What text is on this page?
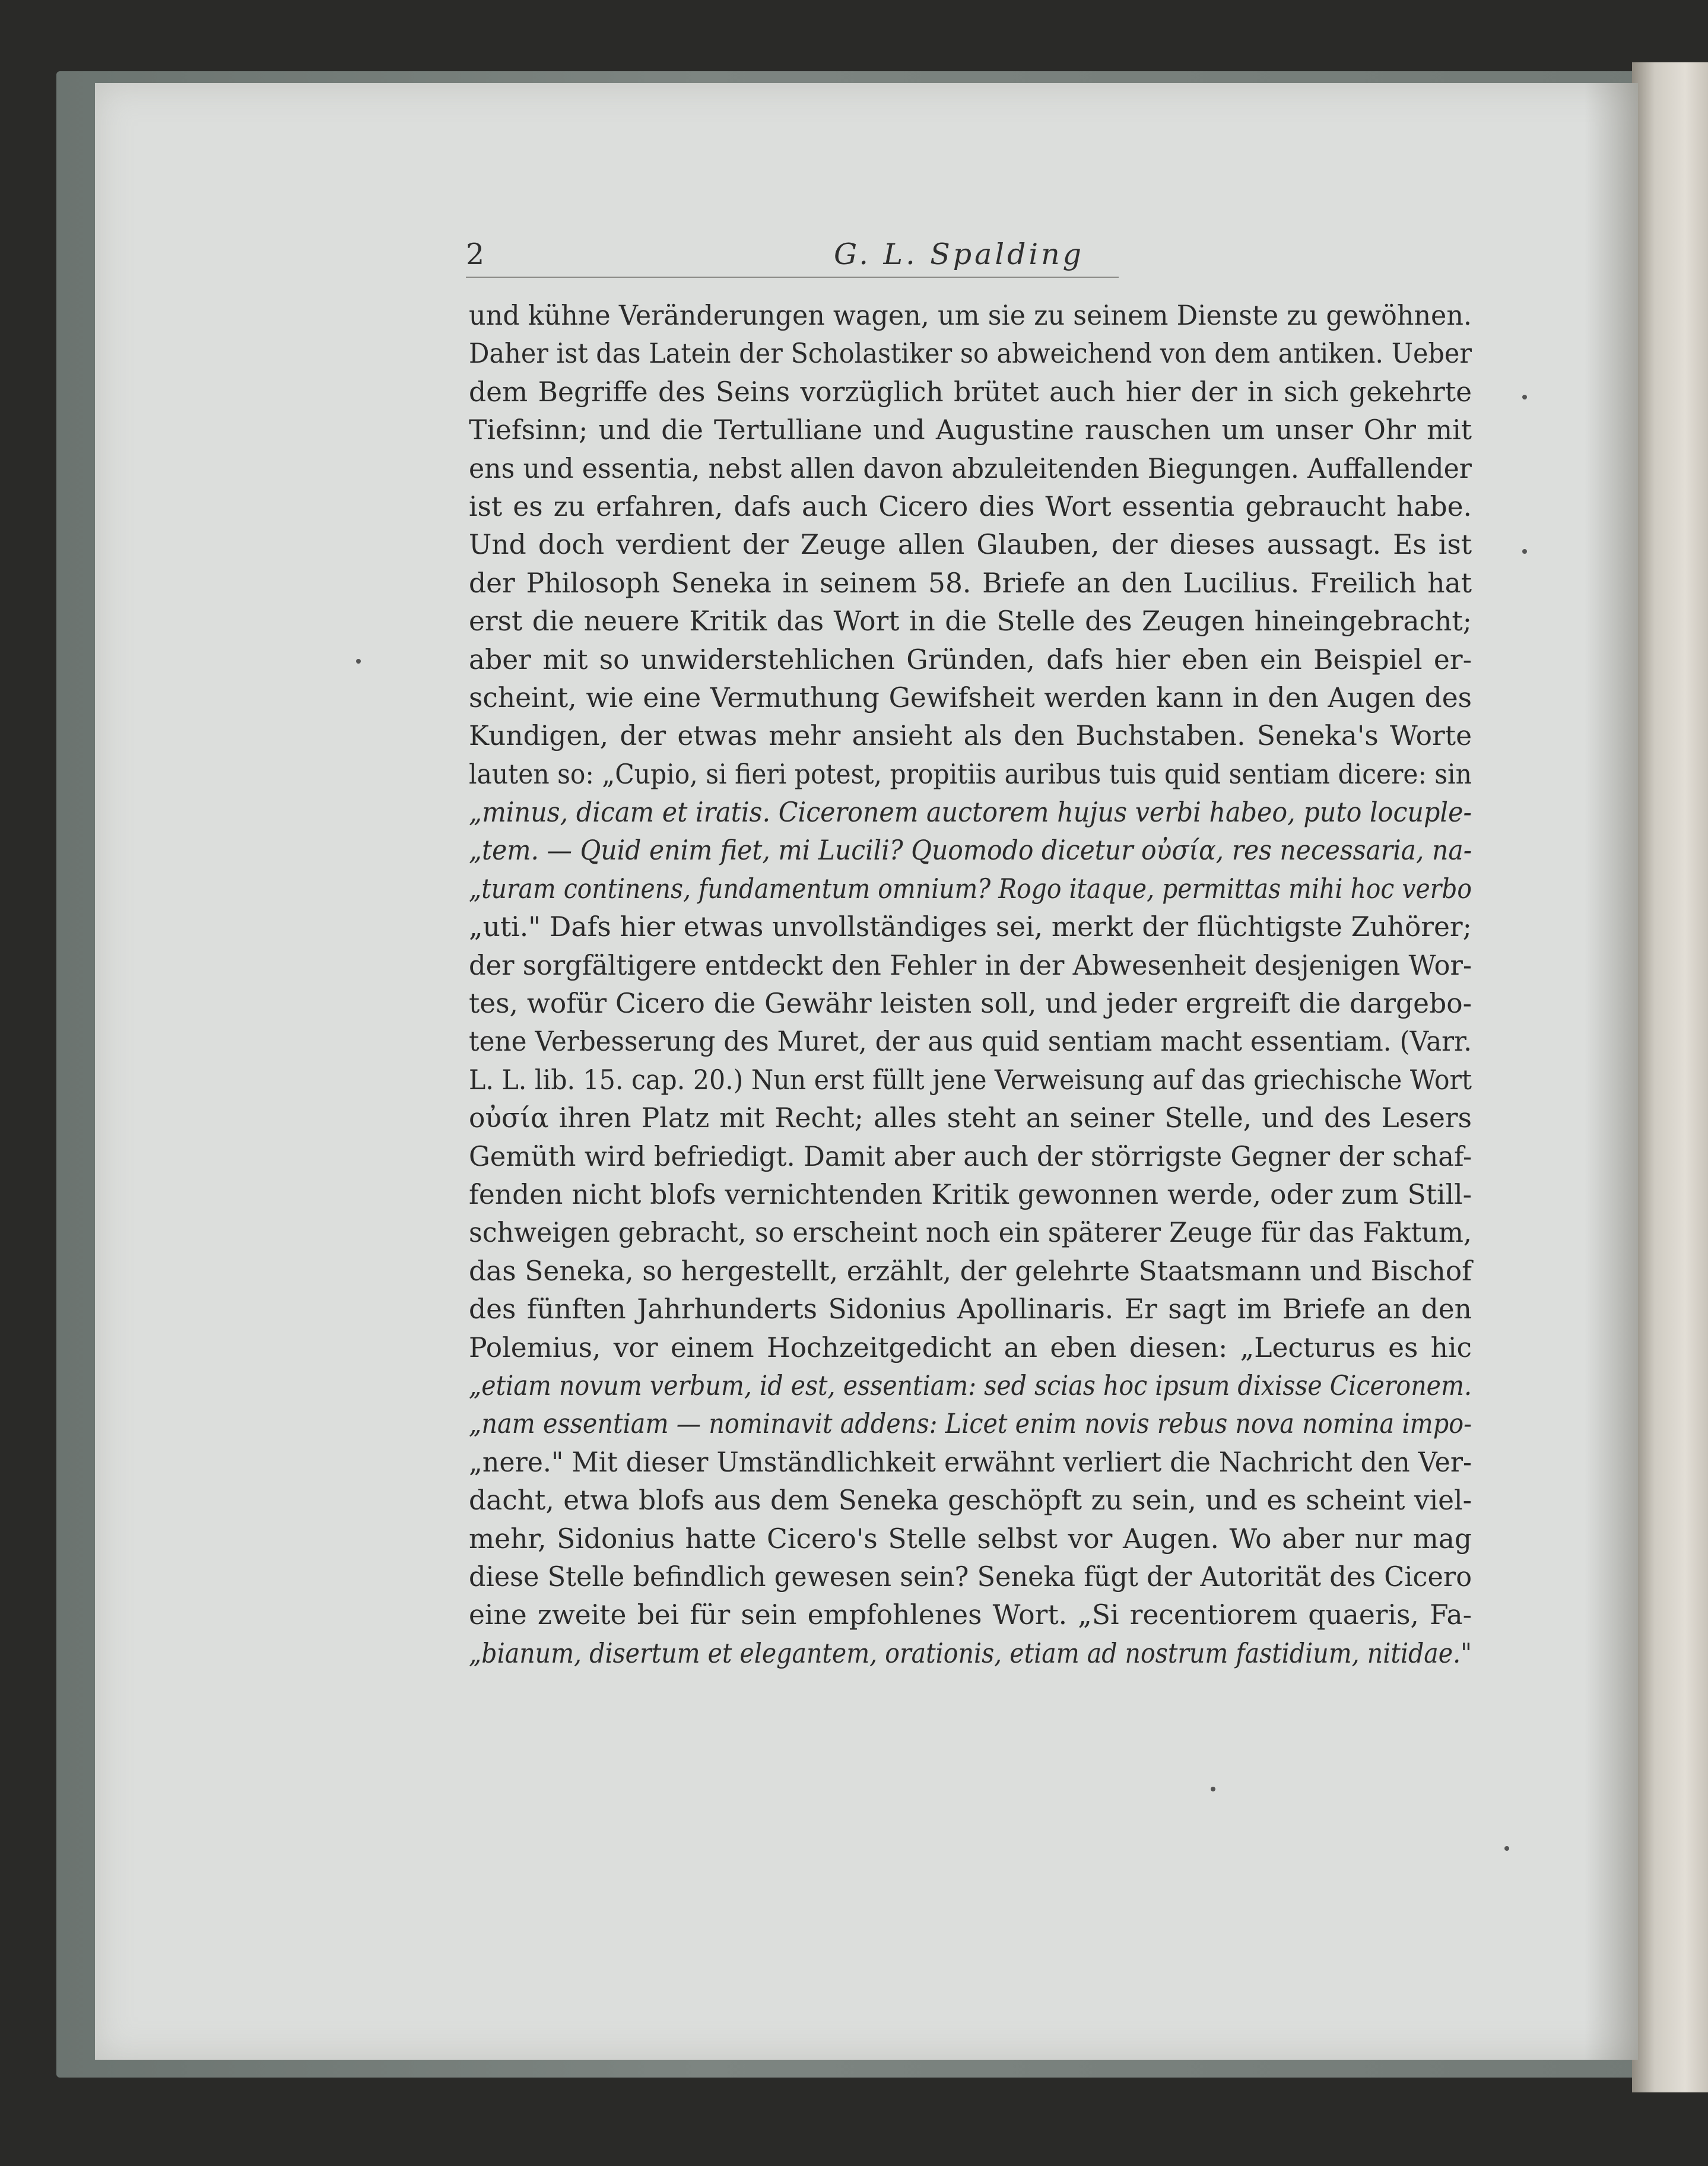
2	G. L. Spalding
und kühne Veränderungen wagen, um sie zu seinem Dienste zu gewöhnen.
Daher ist das Latein der Scholastiker so abweichend von dem antiken. Ueber
dem Begriffe des Seins vorzüglich brütet auch hier der in sich gekehrte
Tiefsinn; und die Tertulliane und Augustine rauschen um unser Ohr mit
ens und essentia, nebst allen davon abzuleitenden Biegungen. Auffallender
ist es zu erfahren, dafs auch Cicero dies Wort essentia gebraucht habe.
Und doch verdient der Zeuge allen Glauben, der dieses aussagt. Es ist
der Philosoph Seneka in seinem 58. Briefe an den Lucilius. Freilich hat
erst die neuere Kritik das Wort in die Stelle des Zeugen hineingebracht;
aber mit so unwiderstehlichen Gründen, dafs hier eben ein Beispiel er-
scheint, wie eine Vermuthung Gewifsheit werden kann in den Augen des
Kundigen, der etwas mehr ansieht als den Buchstaben. Seneka's Worte
lauten so: „Cupio, si fieri potest, propitiis auribus tuis quid sentiam dicere: sin
„minus, dicam et iratis. Ciceronem auctorem hujus verbi habeo, puto locuple-
„tem. — Quid enim fiet, mi Lucili? Quomodo dicetur οὐσία, res necessaria, na-
„turam continens, fundamentum omnium? Rogo itaque, permittas mihi hoc verbo
„uti." Dafs hier etwas unvollständiges sei, merkt der flüchtigste Zuhörer;
der sorgfältigere entdeckt den Fehler in der Abwesenheit desjenigen Wor-
tes, wofür Cicero die Gewähr leisten soll, und jeder ergreift die dargebo-
tene Verbesserung des Muret, der aus quid sentiam macht essentiam. (Varr.
L. L. lib. 15. cap. 20.) Nun erst füllt jene Verweisung auf das griechische Wort
οὐσία ihren Platz mit Recht; alles steht an seiner Stelle, und des Lesers
Gemüth wird befriedigt. Damit aber auch der störrigste Gegner der schaf-
fenden nicht blofs vernichtenden Kritik gewonnen werde, oder zum Still-
schweigen gebracht, so erscheint noch ein späterer Zeuge für das Faktum,
das Seneka, so hergestellt, erzählt, der gelehrte Staatsmann und Bischof
des fünften Jahrhunderts Sidonius Apollinaris. Er sagt im Briefe an den
Polemius, vor einem Hochzeitgedicht an eben diesen: „Lecturus es hic
„etiam novum verbum, id est, essentiam: sed scias hoc ipsum dixisse Ciceronem.
„nam essentiam — nominavit addens: Licet enim novis rebus nova nomina impo-
„nere." Mit dieser Umständlichkeit erwähnt verliert die Nachricht den Ver-
dacht, etwa blofs aus dem Seneka geschöpft zu sein, und es scheint viel-
mehr, Sidonius hatte Cicero's Stelle selbst vor Augen. Wo aber nur mag
diese Stelle befindlich gewesen sein? Seneka fügt der Autorität des Cicero
eine zweite bei für sein empfohlenes Wort. „Si recentiorem quaeris, Fa-
„bianum, disertum et elegantem, orationis, etiam ad nostrum fastidium, nitidae."
